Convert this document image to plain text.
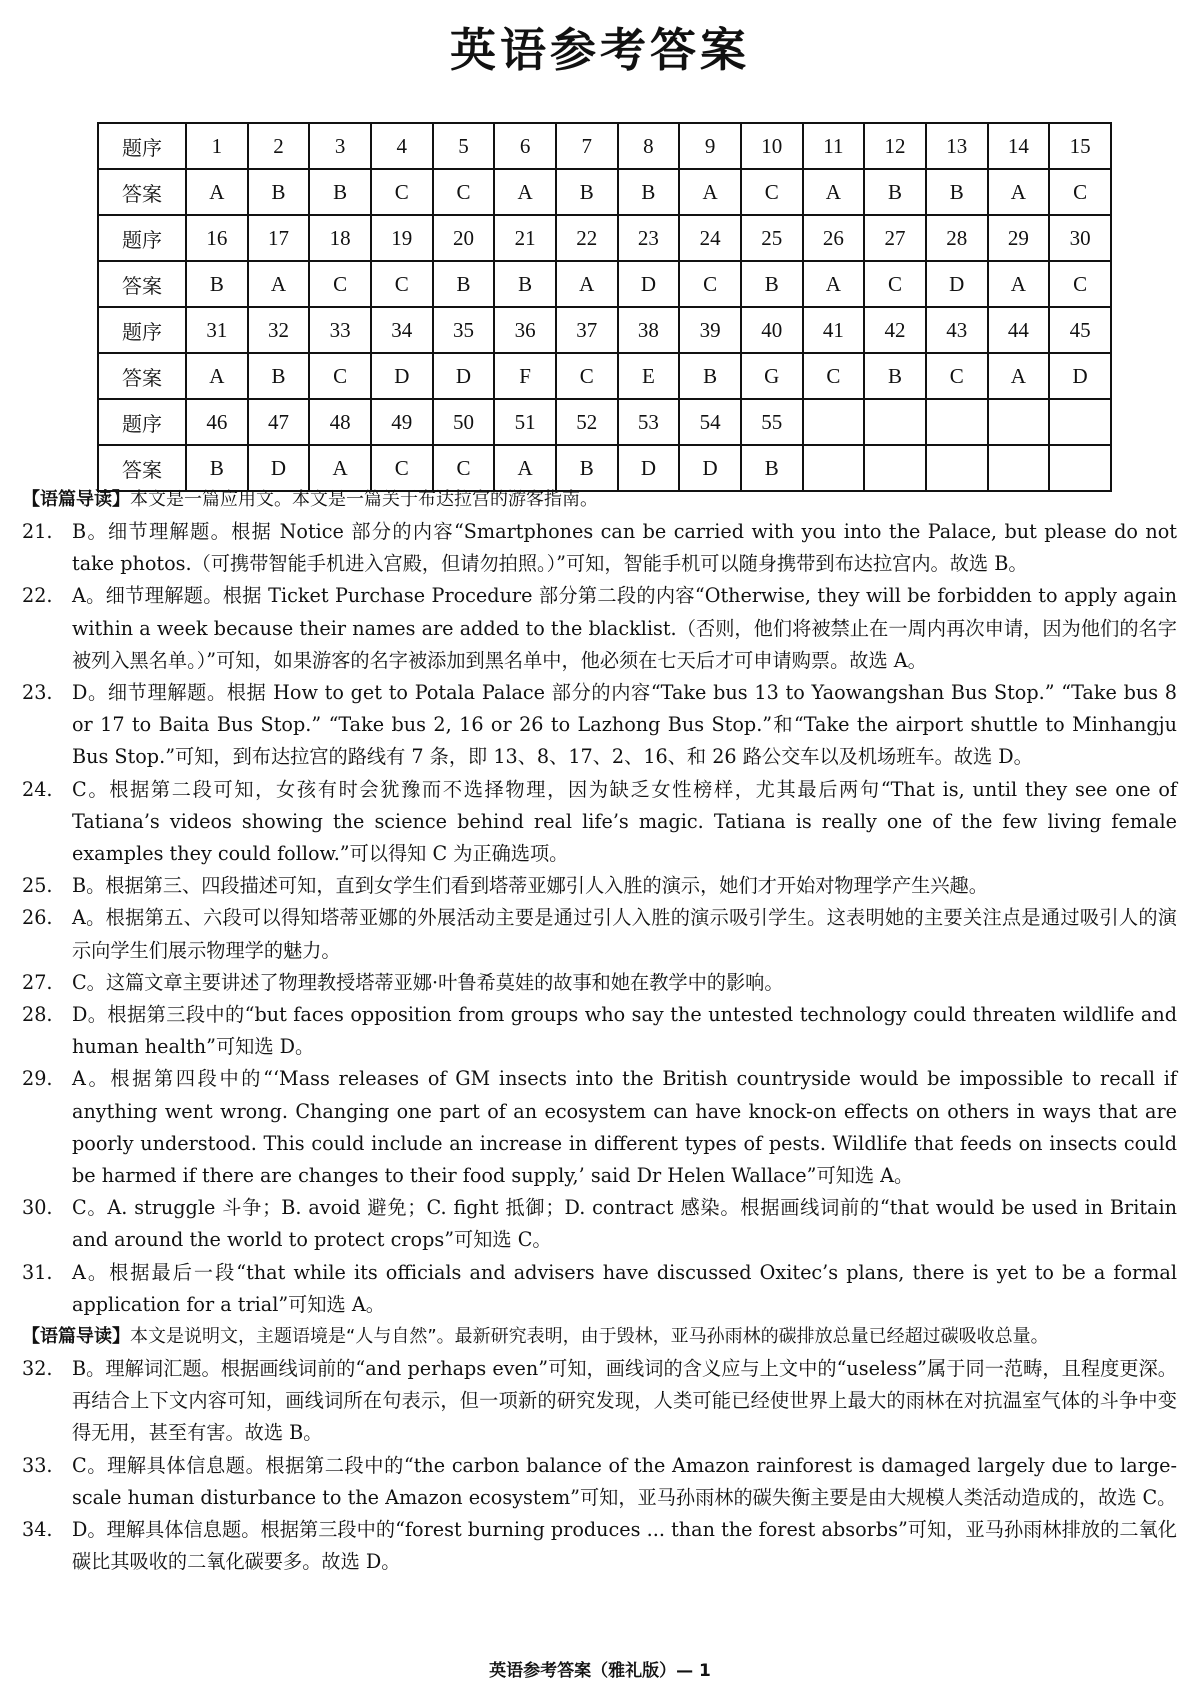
英语参考答案
题序	1	2	3	4	5	6	7	8	9	10	11	12	13	14	15
答案	A	B	B	C	C	A	B	B	A	C	A	B	B	A	C
题序	16	17	18	19	20	21	22	23	24	25	26	27	28	29	30
答案	B	A	C	C	B	B	A	D	C	B	A	C	D	A	C
题序	31	32	33	34	35	36	37	38	39	40	41	42	43	44	45
答案	A	B	C	D	D	F	C	E	B	G	C	B	C	A	D
题序	46	47	48	49	50	51	52	53	54	55					
答案	B	D	A	C	C	A	B	D	D	B					
【语篇导读】本文是一篇应用文。本文是一篇关于布达拉宫的游客指南。
21. B。细节理解题。根据 Notice 部分的内容“Smartphones can be carried with you into the Palace, but please do not take photos.（可携带智能手机进入宫殿，但请勿拍照。）”可知，智能手机可以随身携带到布达拉宫内。故选 B。
22. A。细节理解题。根据 Ticket Purchase Procedure 部分第二段的内容“Otherwise, they will be forbidden to apply again within a week because their names are added to the blacklist.（否则，他们将被禁止在一周内再次申请，因为他们的名字被列入黑名单。）”可知，如果游客的名字被添加到黑名单中，他必须在七天后才可申请购票。故选 A。
23. D。细节理解题。根据 How to get to Potala Palace 部分的内容“Take bus 13 to Yaowangshan Bus Stop.” “Take bus 8 or 17 to Baita Bus Stop.” “Take bus 2, 16 or 26 to Lazhong Bus Stop.”和“Take the airport shuttle to Minhangju Bus Stop.”可知，到布达拉宫的路线有 7 条，即 13、8、17、2、16、和 26 路公交车以及机场班车。故选 D。
24. C。根据第二段可知，女孩有时会犹豫而不选择物理，因为缺乏女性榜样，尤其最后两句“That is, until they see one of Tatiana’s videos showing the science behind real life’s magic. Tatiana is really one of the few living female examples they could follow.”可以得知 C 为正确选项。
25. B。根据第三、四段描述可知，直到女学生们看到塔蒂亚娜引人入胜的演示，她们才开始对物理学产生兴趣。
26. A。根据第五、六段可以得知塔蒂亚娜的外展活动主要是通过引人入胜的演示吸引学生。这表明她的主要关注点是通过吸引人的演示向学生们展示物理学的魅力。
27. C。这篇文章主要讲述了物理教授塔蒂亚娜·叶鲁希莫娃的故事和她在教学中的影响。
28. D。根据第三段中的“but faces opposition from groups who say the untested technology could threaten wildlife and human health”可知选 D。
29. A。根据第四段中的“‘Mass releases of GM insects into the British countryside would be impossible to recall if anything went wrong. Changing one part of an ecosystem can have knock-on effects on others in ways that are poorly understood. This could include an increase in different types of pests. Wildlife that feeds on insects could be harmed if there are changes to their food supply,’ said Dr Helen Wallace”可知选 A。
30. C。A. struggle 斗争；B. avoid 避免；C. fight 抵御；D. contract 感染。根据画线词前的“that would be used in Britain and around the world to protect crops”可知选 C。
31. A。根据最后一段“that while its officials and advisers have discussed Oxitec’s plans, there is yet to be a formal application for a trial”可知选 A。
【语篇导读】本文是说明文，主题语境是“人与自然”。最新研究表明，由于毁林，亚马孙雨林的碳排放总量已经超过碳吸收总量。
32. B。理解词汇题。根据画线词前的“and perhaps even”可知，画线词的含义应与上文中的“useless”属于同一范畴，且程度更深。再结合上下文内容可知，画线词所在句表示，但一项新的研究发现，人类可能已经使世界上最大的雨林在对抗温室气体的斗争中变得无用，甚至有害。故选 B。
33. C。理解具体信息题。根据第二段中的“the carbon balance of the Amazon rainforest is damaged largely due to large-scale human disturbance to the Amazon ecosystem”可知，亚马孙雨林的碳失衡主要是由大规模人类活动造成的，故选 C。
34. D。理解具体信息题。根据第三段中的“forest burning produces ... than the forest absorbs”可知，亚马孙雨林排放的二氧化碳比其吸收的二氧化碳要多。故选 D。
英语参考答案（雅礼版）— 1
